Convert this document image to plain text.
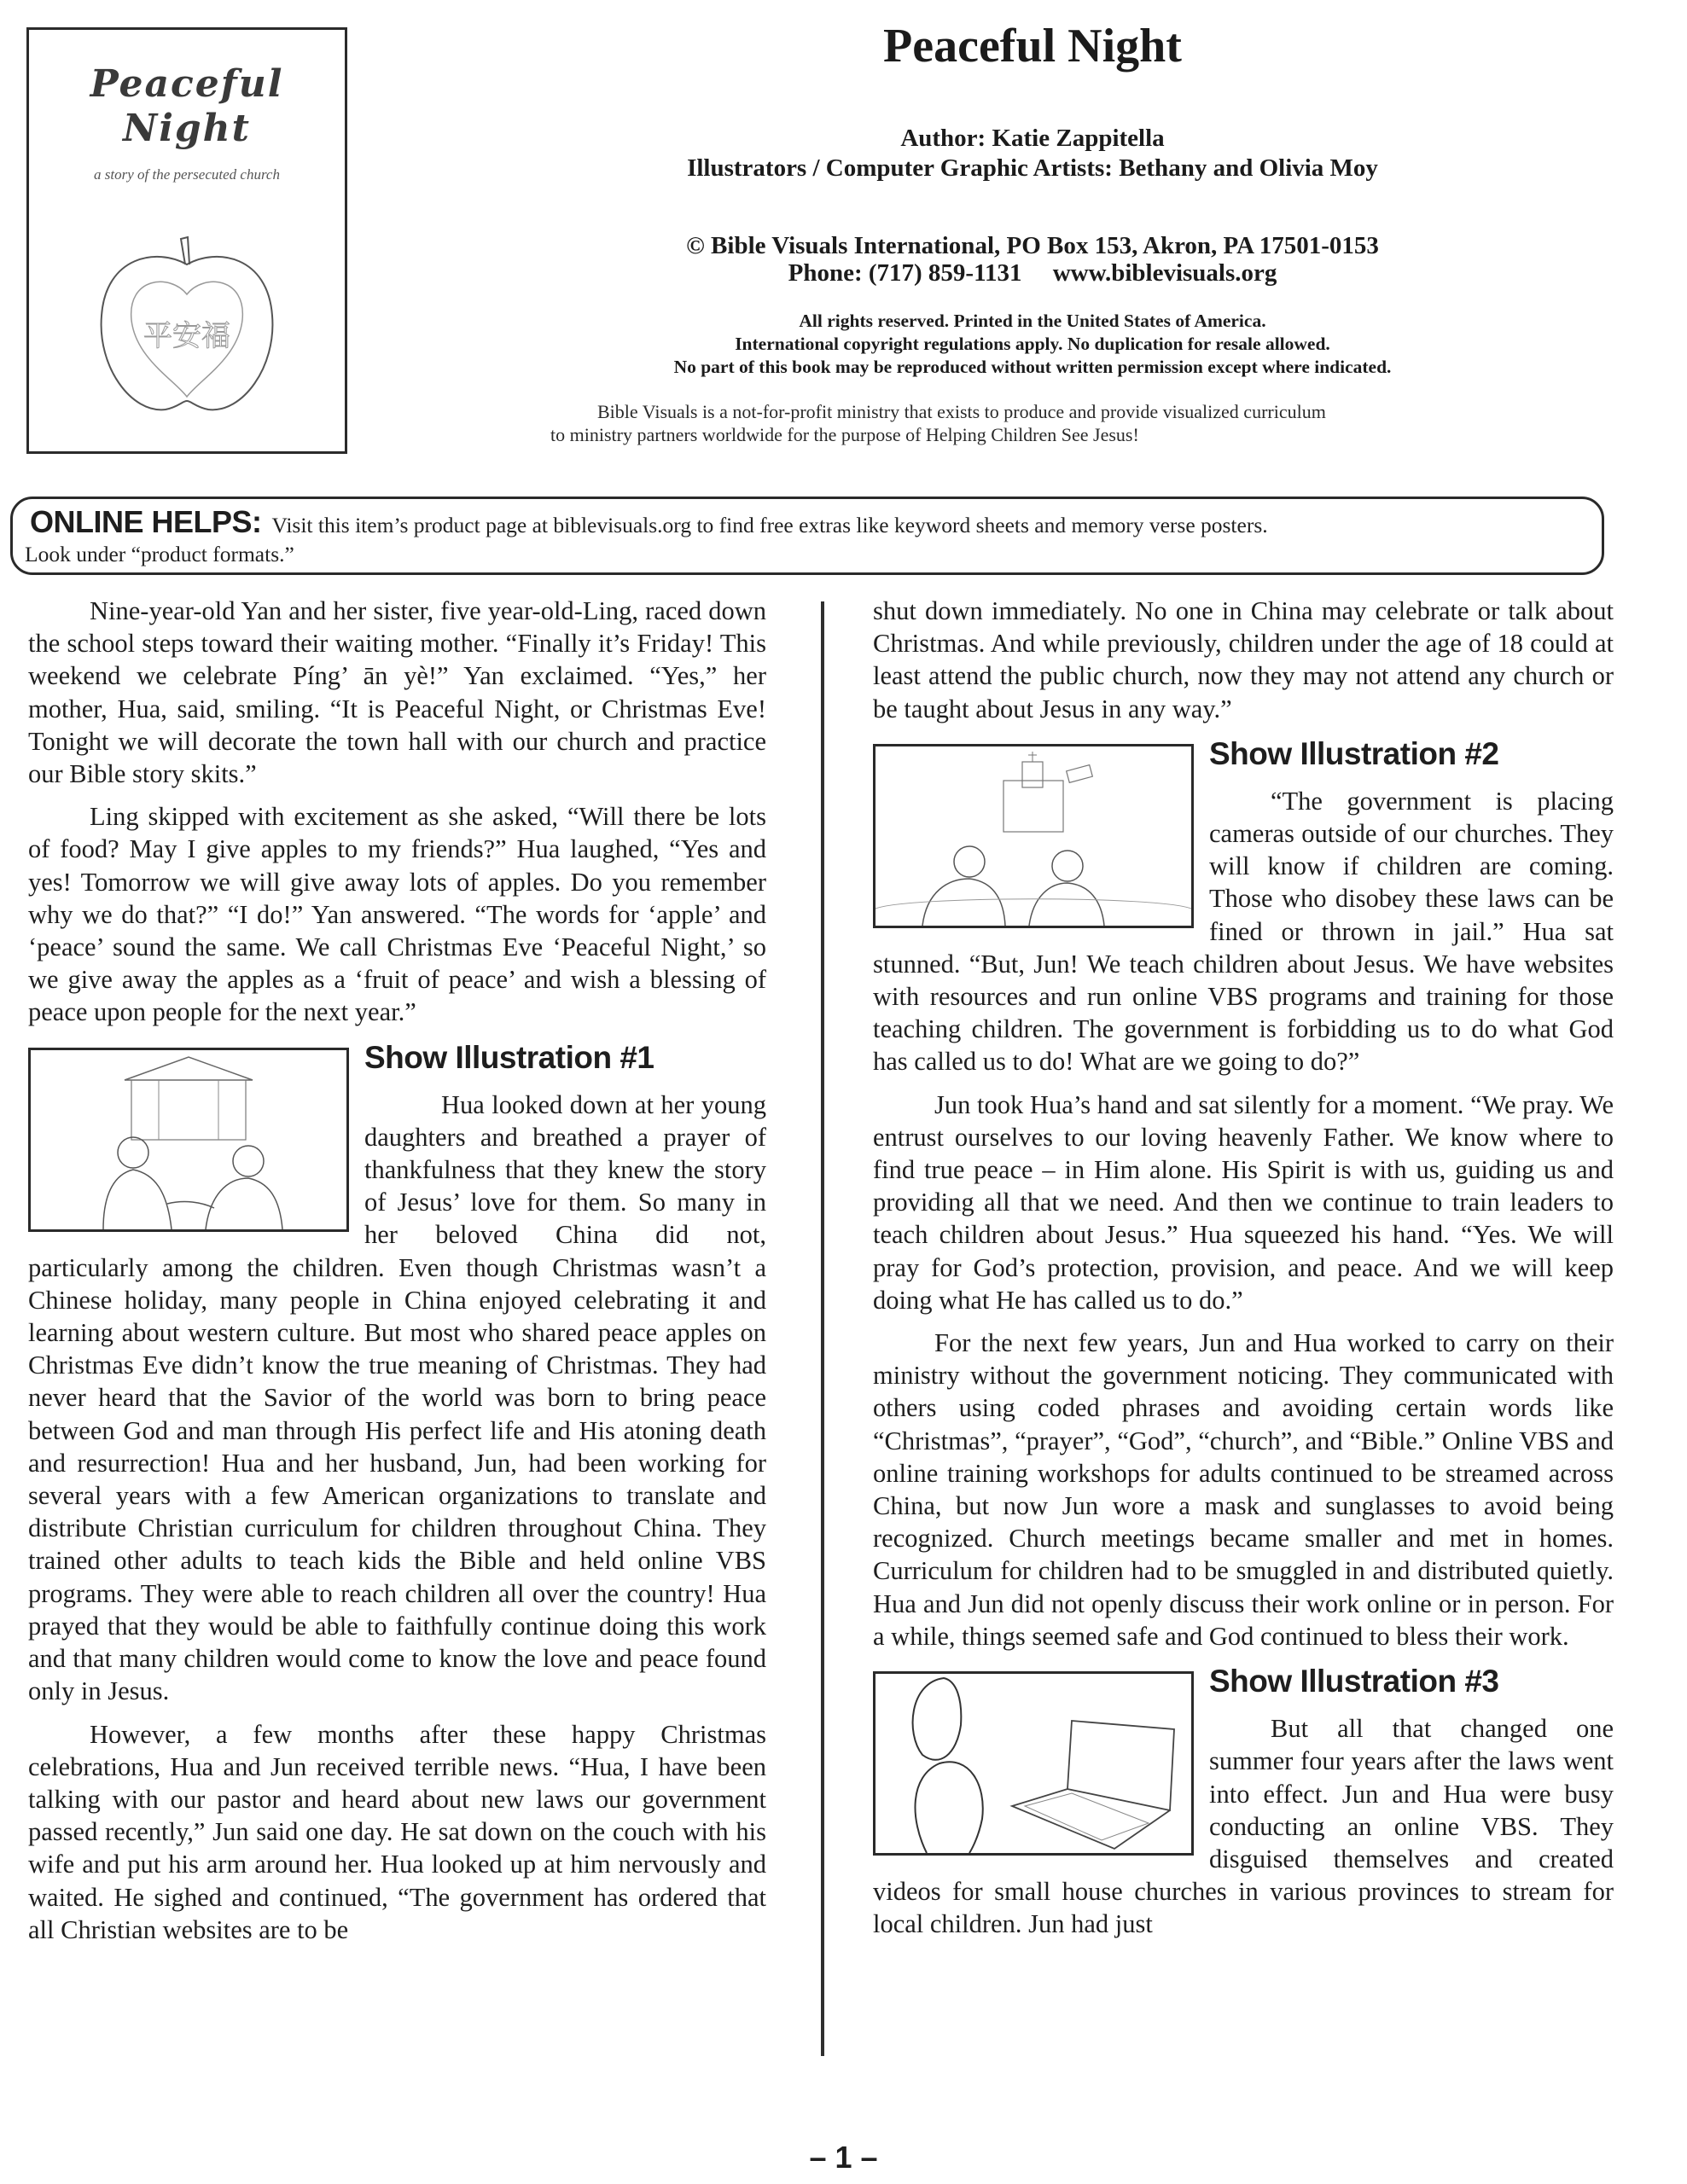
Peaceful
Night
a story of the persecuted church
平安福
Peaceful Night
Author: Katie Zappitella
Illustrators / Computer Graphic Artists: Bethany and Olivia Moy
© Bible Visuals International, PO Box 153, Akron, PA 17501-0153
Phone: (717) 859-1131     www.biblevisuals.org
All rights reserved. Printed in the United States of America.
International copyright regulations apply. No duplication for resale allowed.
No part of this book may be reproduced without written permission except where indicated.
Bible Visuals is a not-for-profit ministry that exists to produce and provide visualized curriculum
to ministry partners worldwide for the purpose of Helping Children See Jesus!
ONLINE HELPS: Visit this item’s product page at biblevisuals.org to find free extras like keyword sheets and memory verse posters.
Look under “product formats.”

Nine-year-old Yan and her sister, five year-old-Ling, raced down the school steps toward their waiting mother. “Finally it’s Friday! This weekend we celebrate Píng’ ān yè!” Yan exclaimed. “Yes,” her mother, Hua, said, smiling. “It is Peaceful Night, or Christmas Eve! Tonight we will decorate the town hall with our church and practice our Bible story skits.”

Ling skipped with excitement as she asked, “Will there be lots of food? May I give apples to my friends?” Hua laughed, “Yes and yes! Tomorrow we will give away lots of apples. Do you remember why we do that?” “I do!” Yan answered. “The words for ‘apple’ and ‘peace’ sound the same. We call Christmas Eve ‘Peaceful Night,’ so we give away the apples as a ‘fruit of peace’ and wish a blessing of peace upon people for the next year.”

Show Illustration #1

Hua looked down at her young daughters and breathed a prayer of thankfulness that they knew the story of Jesus’ love for them. So many in her beloved China did not, particularly among the children. Even though Christmas wasn’t a Chinese holiday, many people in China enjoyed celebrating it and learning about western culture. But most who shared peace apples on Christmas Eve didn’t know the true meaning of Christmas. They had never heard that the Savior of the world was born to bring peace between God and man through His perfect life and His atoning death and resurrection! Hua and her husband, Jun, had been working for several years with a few American organizations to translate and distribute Christian curriculum for children throughout China. They trained other adults to teach kids the Bible and held online VBS programs. They were able to reach children all over the country! Hua prayed that they would be able to faithfully continue doing this work and that many children would come to know the love and peace found only in Jesus.

However, a few months after these happy Christmas celebrations, Hua and Jun received terrible news. “Hua, I have been talking with our pastor and heard about new laws our government passed recently,” Jun said one day. He sat down on the couch with his wife and put his arm around her. Hua looked up at him nervously and waited. He sighed and continued, “The government has ordered that all Christian websites are to be

shut down immediately. No one in China may celebrate or talk about Christmas. And while previously, children under the age of 18 could at least attend the public church, now they may not attend any church or be taught about Jesus in any way.”

Show Illustration #2

“The government is placing cameras outside of our churches. They will know if children are coming. Those who disobey these laws can be fined or thrown in jail.” Hua sat stunned. “But, Jun! We teach children about Jesus. We have websites with resources and run online VBS programs and training for those teaching children. The government is forbidding us to do what God has called us to do! What are we going to do?”

Jun took Hua’s hand and sat silently for a moment. “We pray. We entrust ourselves to our loving heavenly Father. We know where to find true peace – in Him alone. His Spirit is with us, guiding us and providing all that we need. And then we continue to train leaders to teach children about Jesus.” Hua squeezed his hand. “Yes. We will pray for God’s protection, provision, and peace. And we will keep doing what He has called us to do.”

For the next few years, Jun and Hua worked to carry on their ministry without the government noticing. They communicated with others using coded phrases and avoiding certain words like “Christmas”, “prayer”, “God”, “church”, and “Bible.” Online VBS and online training workshops for adults continued to be streamed across China, but now Jun wore a mask and sunglasses to avoid being recognized. Church meetings became smaller and met in homes. Curriculum for children had to be smuggled in and distributed quietly. Hua and Jun did not openly discuss their work online or in person. For a while, things seemed safe and God continued to bless their work.

Show Illustration #3

But all that changed one summer four years after the laws went into effect. Jun and Hua were busy conducting an online VBS. They disguised themselves and created videos for small house churches in various provinces to stream for local children. Jun had just

– 1 –
